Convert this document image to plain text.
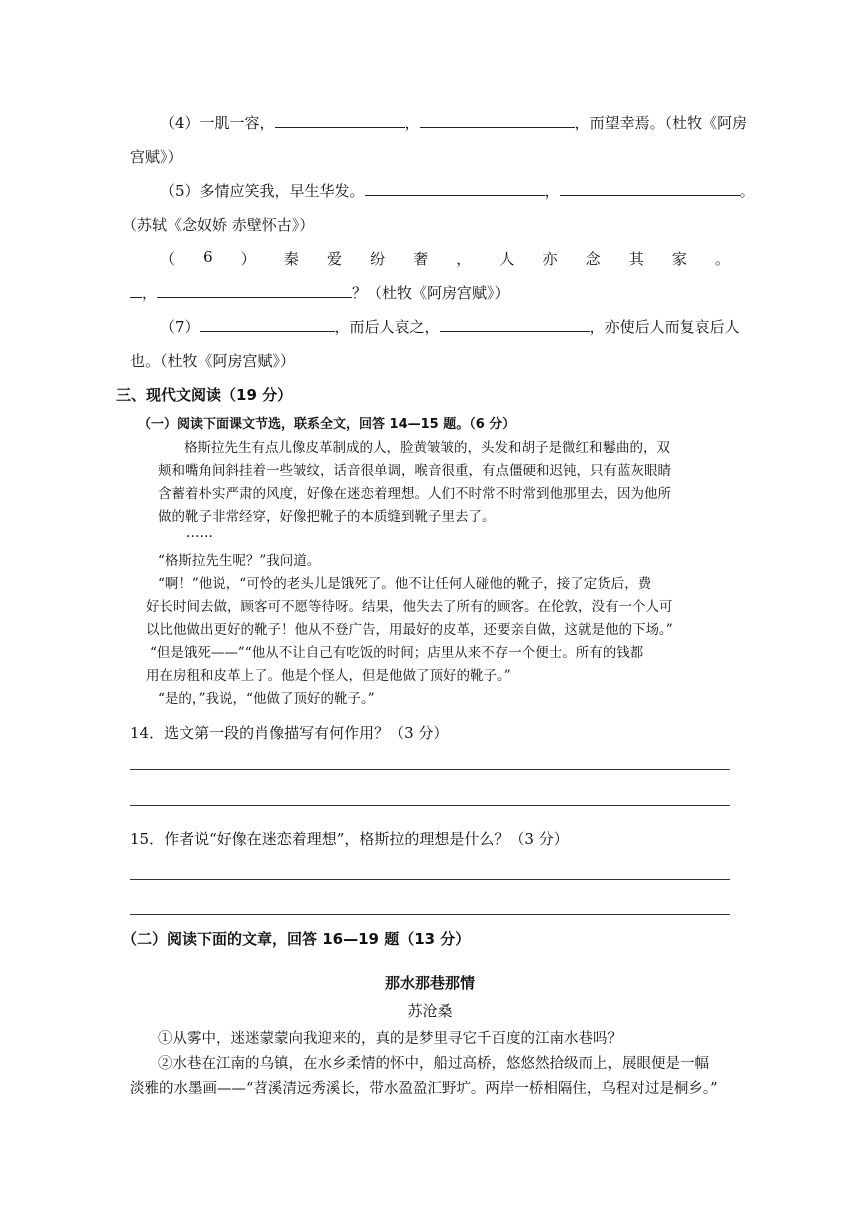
（4）一肌一容，	，	，而望幸焉。（杜牧《阿房
宫赋》）
（5）多情应笑我，早生华发。	，	。
（苏轼《念奴娇 赤壁怀古》）
（ 6 ） 秦 爱 纷 奢 ， 人 亦 念 其 家 。
，	？（杜牧《阿房宫赋》）
（7）	，而后人哀之，	，亦使后人而复哀后人
也。（杜牧《阿房宫赋》）
三、现代文阅读（19 分）
（一）阅读下面课文节选，联系全文，回答 14—15 题。（6 分）
格斯拉先生有点儿像皮革制成的人，脸黄皱皱的，头发和胡子是微红和鬈曲的，双
颊和嘴角间斜挂着一些皱纹，话音很单调，喉音很重，有点僵硬和迟钝，只有蓝灰眼睛
含蓄着朴实严肃的风度，好像在迷恋着理想。人们不时常不时常到他那里去，因为他所
做的靴子非常经穿，好像把靴子的本质缝到靴子里去了。
……
“格斯拉先生呢？”我问道。
“啊！”他说，“可怜的老头儿是饿死了。他不让任何人碰他的靴子，接了定货后，费
好长时间去做，顾客可不愿等待呀。结果，他失去了所有的顾客。在伦敦，没有一个人可
以比他做出更好的靴子！他从不登广告，用最好的皮革，还要亲自做，这就是他的下场。”
“但是饿死——”“他从不让自己有吃饭的时间；店里从来不存一个便士。所有的钱都
用在房租和皮革上了。他是个怪人，但是他做了顶好的靴子。”
“是的，”我说，“他做了顶好的靴子。”
14．选文第一段的肖像描写有何作用？（3 分）
15．作者说“好像在迷恋着理想”，格斯拉的理想是什么？（3 分）
（二）阅读下面的文章，回答 16—19 题（13 分）
那水那巷那情
苏沧桑
①从雾中，迷迷蒙蒙向我迎来的，真的是梦里寻它千百度的江南水巷吗？
②水巷在江南的乌镇，在水乡柔情的怀中，船过高桥，悠悠然拾级而上，展眼便是一幅
淡雅的水墨画——“苕溪清远秀溪长，带水盈盈汇野圹。两岸一桥相隔住，乌程对过是桐乡。”
